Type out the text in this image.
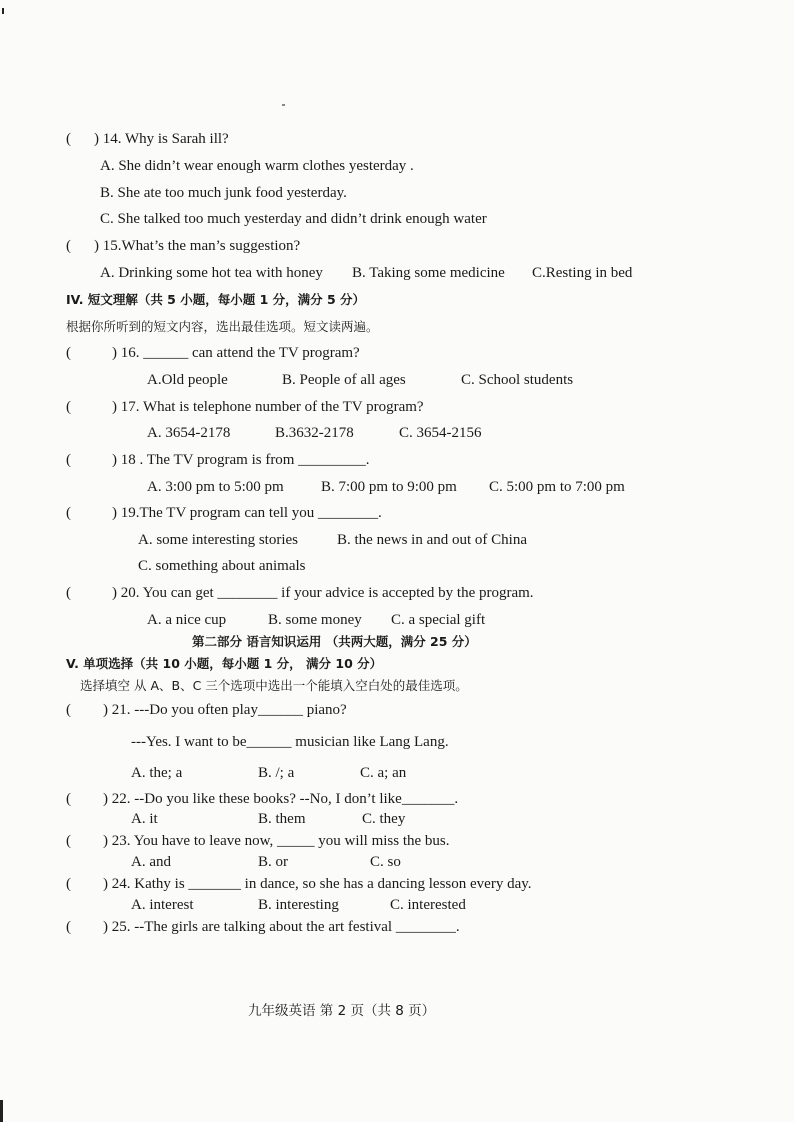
( ) 14. Why is Sarah ill?
A. She didn’t wear enough warm clothes yesterday .
B. She ate too much junk food yesterday.
C. She talked too much yesterday and didn’t drink enough water
( ) 15.What’s the man’s suggestion?
A. Drinking some hot tea with honey B. Taking some medicine C.Resting in bed
IV. 短文理解（共 5 小题，每小题 1 分，满分 5 分）
根据你所听到的短文内容，选出最佳选项。短文读两遍。
(	) 16. ______ can attend the TV program?
A.Old people	B. People of all ages	C. School students
(	) 17. What is telephone number of the TV program?
A. 3654-2178	B.3632-2178	C. 3654-2156
(	) 18 . The TV program is from _________.
A. 3:00 pm to 5:00 pm B. 7:00 pm to 9:00 pm C. 5:00 pm to 7:00 pm
(	) 19.The TV program can tell you ________.
A. some interesting stories	B. the news in and out of China
C. something about animals
(	) 20. You can get ________ if your advice is accepted by the program.
A. a nice cup	B. some money C. a special gift
第二部分 语言知识运用 （共两大题，满分 25 分）
V. 单项选择（共 10 小题，每小题 1 分， 满分 10 分）
选择填空 从 A、B、C 三个选项中选出一个能填入空白处的最佳选项。
( ) 21. ---Do you often play______ piano?
---Yes. I want to be______ musician like Lang Lang.
A. the; a	B. /; a	C. a; an
( ) 22. --Do you like these books? --No, I don’t like_______.
A. it	B. them	C. they
( ) 23. You have to leave now, _____ you will miss the bus.
A. and	B. or	C. so
( ) 24. Kathy is _______ in dance, so she has a dancing lesson every day.
A. interest	B. interesting	C. interested
( ) 25. --The girls are talking about the art festival ________.
九年级英语 第 2 页（共 8 页）
